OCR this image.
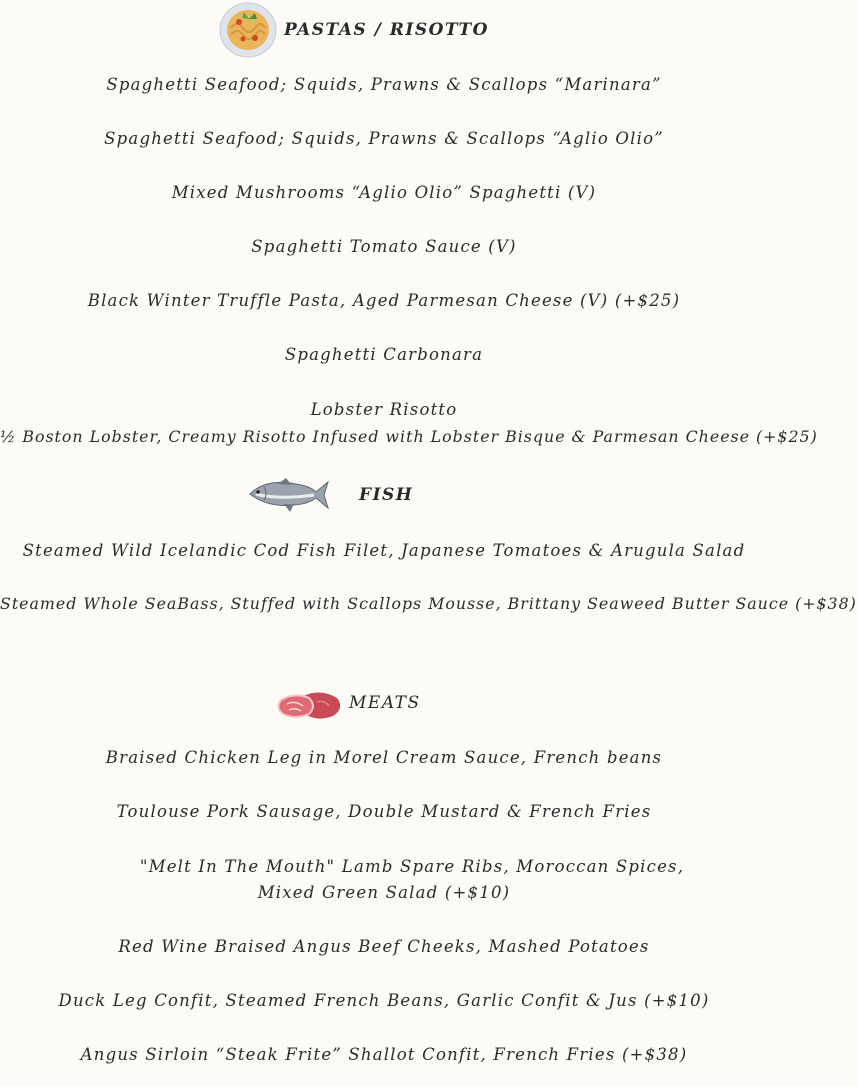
PASTAS / RISOTTO
Spaghetti Seafood; Squids, Prawns & Scallops “Marinara”
Spaghetti Seafood; Squids, Prawns & Scallops “Aglio Olio”
Mixed Mushrooms “Aglio Olio” Spaghetti (V)
Spaghetti Tomato Sauce (V)
Black Winter Truffle Pasta, Aged Parmesan Cheese (V) (+$25)
Spaghetti Carbonara
Lobster Risotto
½ Boston Lobster, Creamy Risotto Infused with Lobster Bisque & Parmesan Cheese (+$25)
FISH
Steamed Wild Icelandic Cod Fish Filet, Japanese Tomatoes & Arugula Salad
Steamed Whole SeaBass, Stuffed with Scallops Mousse, Brittany Seaweed Butter Sauce (+$38)
MEATS
Braised Chicken Leg in Morel Cream Sauce, French beans
Toulouse Pork Sausage, Double Mustard & French Fries
"Melt In The Mouth" Lamb Spare Ribs, Moroccan Spices,
Mixed Green Salad (+$10)
Red Wine Braised Angus Beef Cheeks, Mashed Potatoes
Duck Leg Confit, Steamed French Beans, Garlic Confit & Jus (+$10)
Angus Sirloin “Steak Frite” Shallot Confit, French Fries (+$38)
